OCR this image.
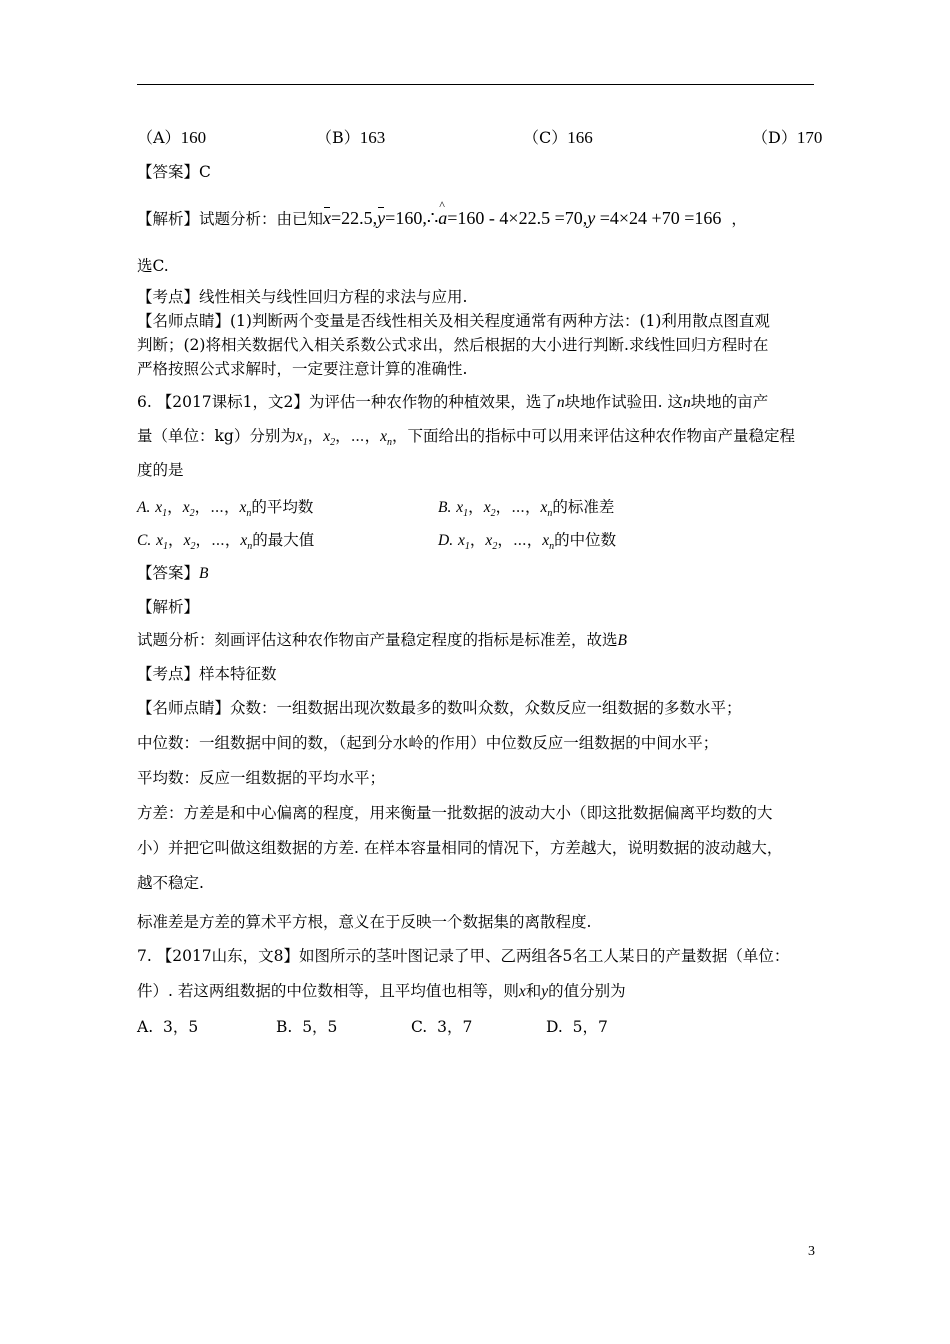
（A）160	（B）163	（C）166	（D）170
【答案】C
【解析】试题分析：由已知x=22.5,y=160,∴^ a=160 - 4×22.5 =70,y =4×24 +70 =166 ，
选C.
【考点】线性相关与线性回归方程的求法与应用.
【名师点睛】(1)判断两个变量是否线性相关及相关程度通常有两种方法：(1)利用散点图直观
判断；(2)将相关数据代入相关系数公式求出，然后根据的大小进行判断.求线性回归方程时在
严格按照公式求解时，一定要注意计算的准确性.
6. 【2017课标1，文2】为评估一种农作物的种植效果，选了n块地作试验田. 这n块地的亩产
量（单位：kg）分别为$x_1$，$x_2$，⋯，$x_n$，下面给出的指标中可以用来评估这种农作物亩产量稳定程
度的是
A. $x_1$，$x_2$，⋯，$x_n$的平均数	B. $x_1$，$x_2$，⋯，$x_n$的标准差
C. $x_1$，$x_2$，⋯，$x_n$的最大值	D. $x_1$，$x_2$，⋯，$x_n$的中位数
【答案】B
【解析】
试题分析：刻画评估这种农作物亩产量稳定程度的指标是标准差，故选B
【考点】样本特征数
【名师点睛】众数：一组数据出现次数最多的数叫众数，众数反应一组数据的多数水平；
中位数：一组数据中间的数，（起到分水岭的作用）中位数反应一组数据的中间水平；
平均数：反应一组数据的平均水平；
方差：方差是和中心偏离的程度，用来衡量一批数据的波动大小（即这批数据偏离平均数的大
小）并把它叫做这组数据的方差. 在样本容量相同的情况下，方差越大，说明数据的波动越大，
越不稳定.
标准差是方差的算术平方根，意义在于反映一个数据集的离散程度.
7. 【2017山东，文8】如图所示的茎叶图记录了甲、乙两组各5名工人某日的产量数据（单位：
件）. 若这两组数据的中位数相等，且平均值也相等，则x和y的值分别为
A. 3，5	B. 5，5	C. 3，7	D. 5，7
3
